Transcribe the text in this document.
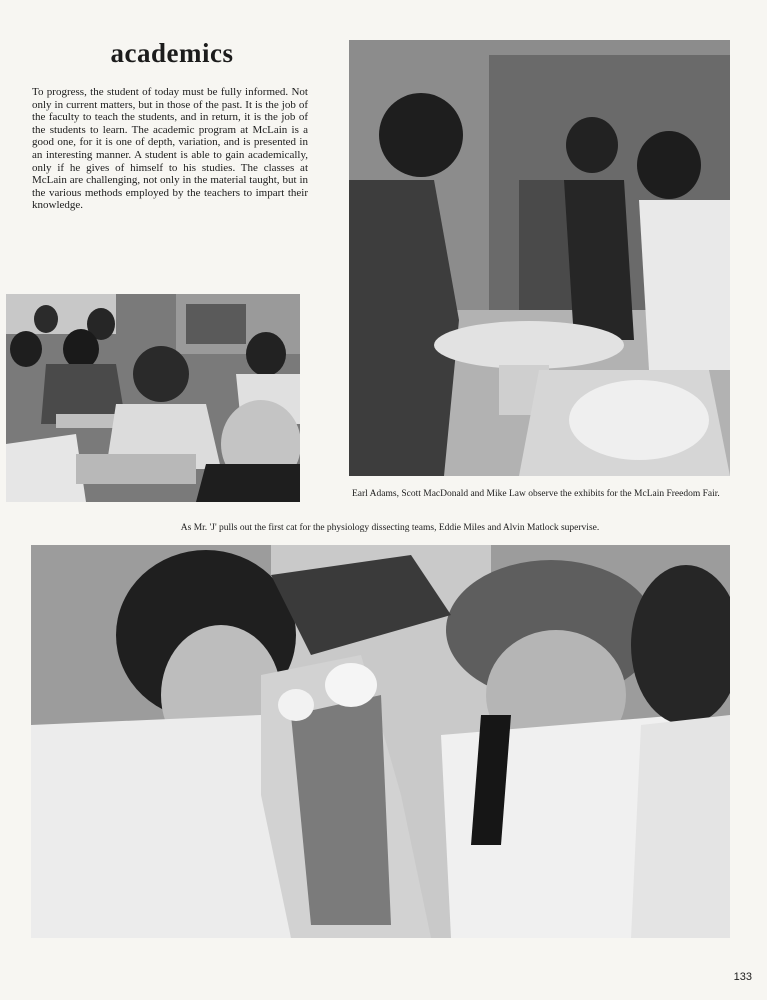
academics

To progress, the student of today must be fully informed. Not only in current matters, but in those of the past. It is the job of the faculty to teach the students, and in return, it is the job of the students to learn. The academic program at McLain is a good one, for it is one of depth, variation, and is presented in an interesting manner. A student is able to gain academically, only if he gives of himself to his studies. The classes at McLain are challenging, not only in the material taught, but in the various methods employed by the teachers to impart their knowledge.

Earl Adams, Scott MacDonald and Mike Law observe the exhibits for the McLain Freedom Fair.

As Mr. 'J' pulls out the first cat for the physiology dissecting teams, Eddie Miles and Alvin Matlock supervise.

133
